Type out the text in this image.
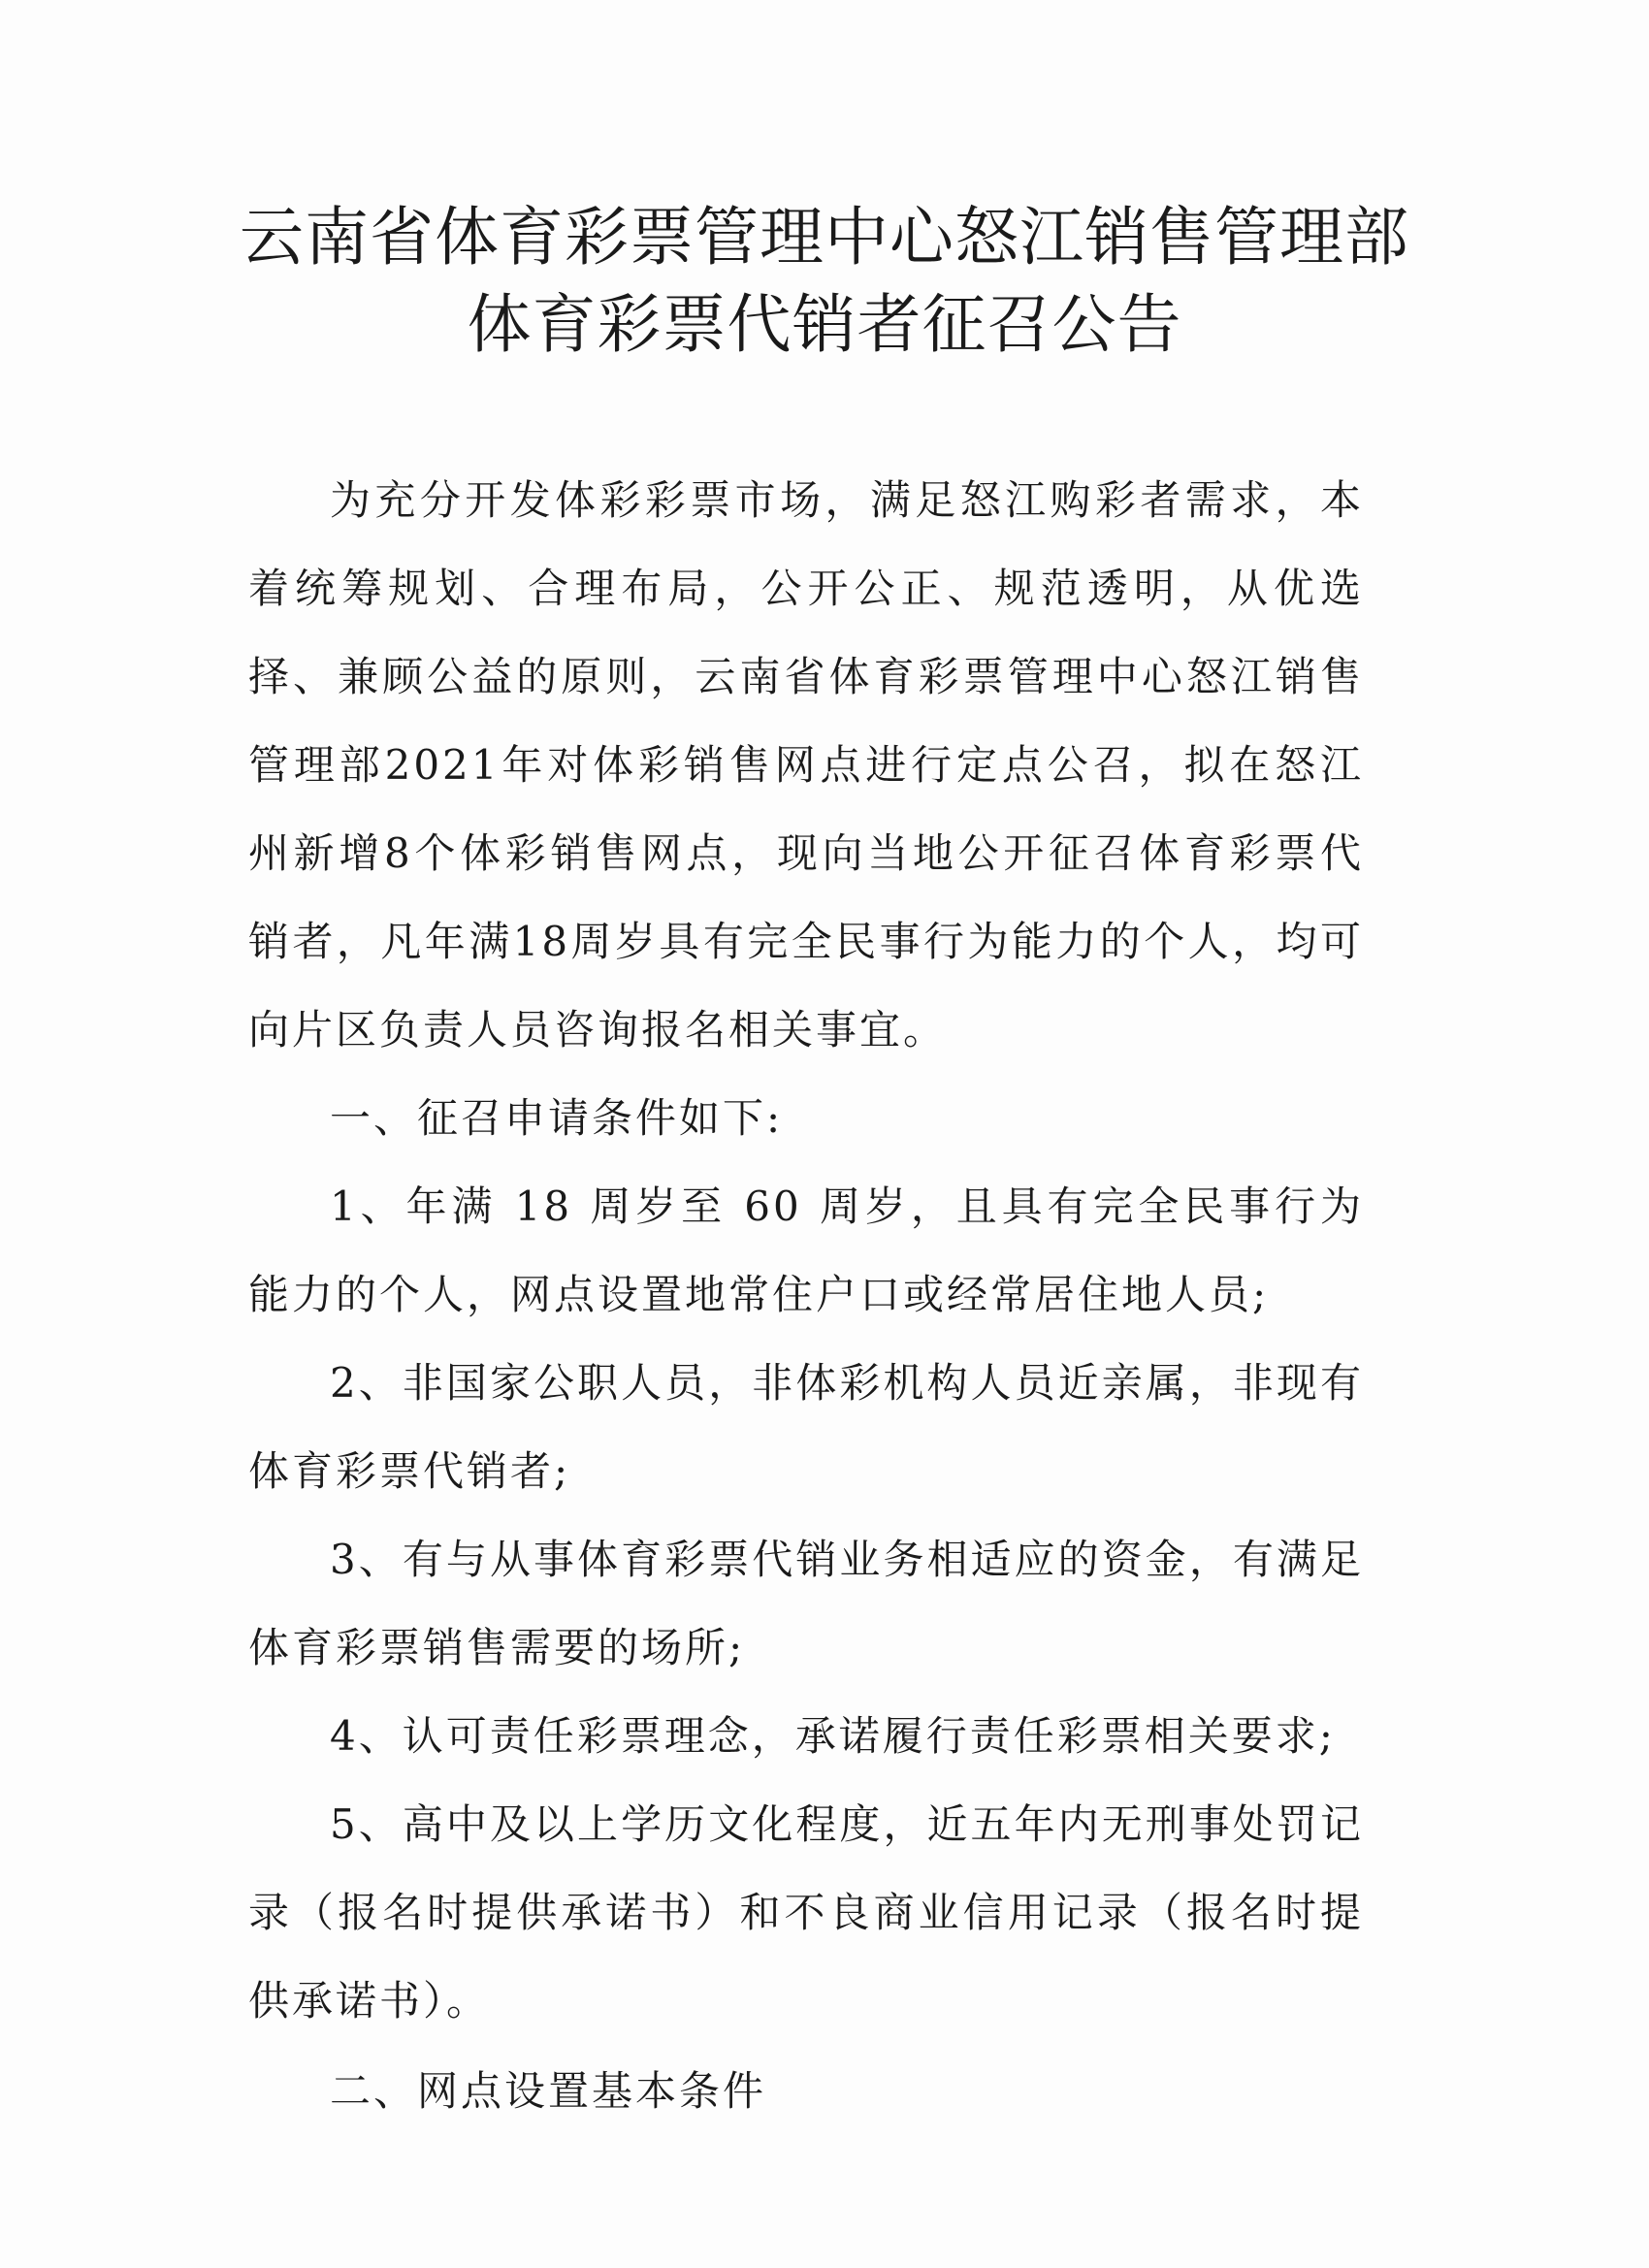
云南省体育彩票管理中心怒江销售管理部
体育彩票代销者征召公告

为充分开发体彩彩票市场，满足怒江购彩者需求，本着统筹规划、合理布局，公开公正、规范透明，从优选择、兼顾公益的原则，云南省体育彩票管理中心怒江销售管理部2021年对体彩销售网点进行定点公召，拟在怒江州新增8个体彩销售网点，现向当地公开征召体育彩票代销者，凡年满18周岁具有完全民事行为能力的个人，均可向片区负责人员咨询报名相关事宜。

一、征召申请条件如下:

1、年满 18 周岁至 60 周岁，且具有完全民事行为能力的个人，网点设置地常住户口或经常居住地人员;

2、非国家公职人员，非体彩机构人员近亲属，非现有体育彩票代销者;

3、有与从事体育彩票代销业务相适应的资金，有满足体育彩票销售需要的场所;

4、认可责任彩票理念，承诺履行责任彩票相关要求;

5、高中及以上学历文化程度，近五年内无刑事处罚记录（报名时提供承诺书）和不良商业信用记录（报名时提供承诺书）。

二、网点设置基本条件
